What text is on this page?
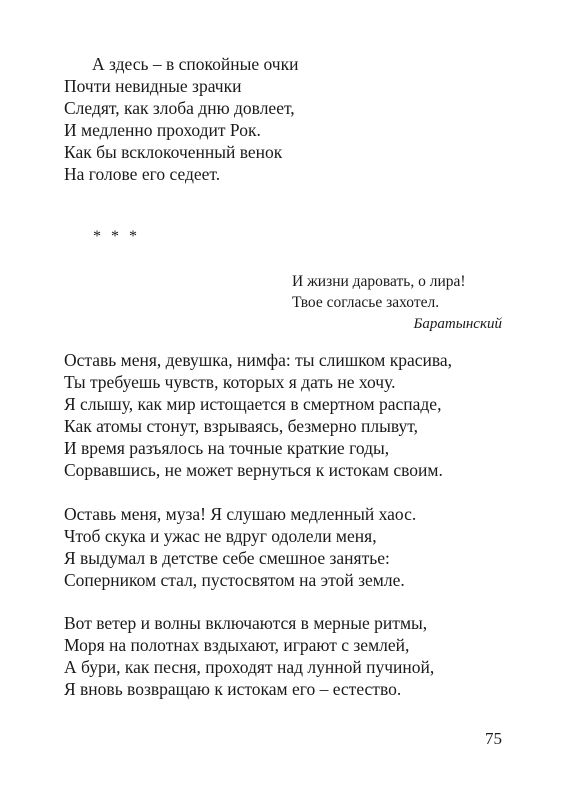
А здесь – в спокойные очки
Почти невидные зрачки
Следят, как злоба дню довлеет,
И медленно проходит Рок.
Как бы всклокоченный венок
На голове его седеет.
* * *
И жизни даровать, о лира!
Твое согласье захотел.
Баратынский
Оставь меня, девушка, нимфа: ты слишком красива,
Ты требуешь чувств, которых я дать не хочу.
Я слышу, как мир истощается в смертном распаде,
Как атомы стонут, взрываясь, безмерно плывут,
И время разъялось на точные краткие годы,
Сорвавшись, не может вернуться к истокам своим.
Оставь меня, муза! Я слушаю медленный хаос.
Чтоб скука и ужас не вдруг одолели меня,
Я выдумал в детстве себе смешное занятье:
Соперником стал, пустосвятом на этой земле.
Вот ветер и волны включаются в мерные ритмы,
Моря на полотнах вздыхают, играют с землей,
А бури, как песня, проходят над лунной пучиной,
Я вновь возвращаю к истокам его – естество.
75
